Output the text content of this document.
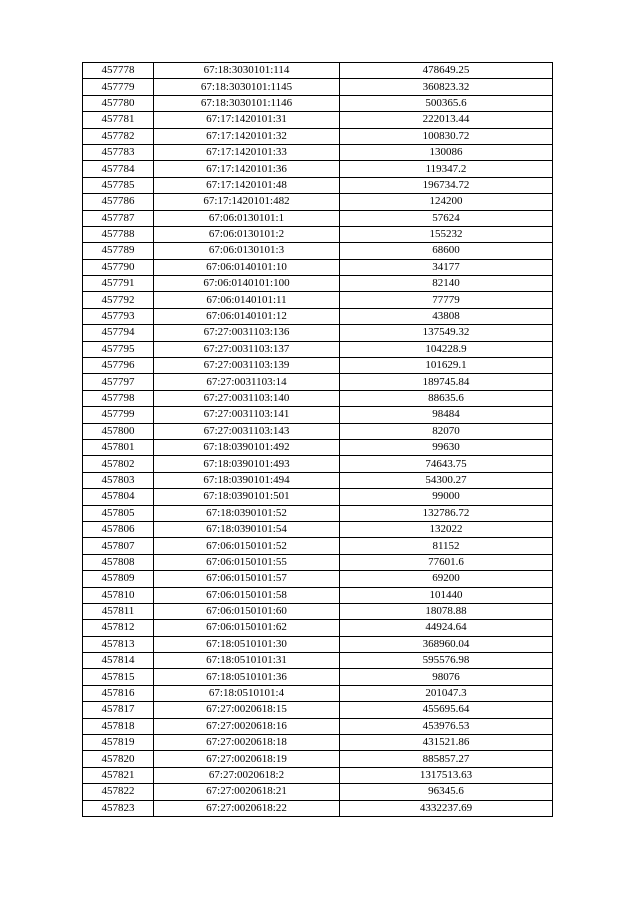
457778	67:18:3030101:114	478649.25
457779	67:18:3030101:1145	360823.32
457780	67:18:3030101:1146	500365.6
457781	67:17:1420101:31	222013.44
457782	67:17:1420101:32	100830.72
457783	67:17:1420101:33	130086
457784	67:17:1420101:36	119347.2
457785	67:17:1420101:48	196734.72
457786	67:17:1420101:482	124200
457787	67:06:0130101:1	57624
457788	67:06:0130101:2	155232
457789	67:06:0130101:3	68600
457790	67:06:0140101:10	34177
457791	67:06:0140101:100	82140
457792	67:06:0140101:11	77779
457793	67:06:0140101:12	43808
457794	67:27:0031103:136	137549.32
457795	67:27:0031103:137	104228.9
457796	67:27:0031103:139	101629.1
457797	67:27:0031103:14	189745.84
457798	67:27:0031103:140	88635.6
457799	67:27:0031103:141	98484
457800	67:27:0031103:143	82070
457801	67:18:0390101:492	99630
457802	67:18:0390101:493	74643.75
457803	67:18:0390101:494	54300.27
457804	67:18:0390101:501	99000
457805	67:18:0390101:52	132786.72
457806	67:18:0390101:54	132022
457807	67:06:0150101:52	81152
457808	67:06:0150101:55	77601.6
457809	67:06:0150101:57	69200
457810	67:06:0150101:58	101440
457811	67:06:0150101:60	18078.88
457812	67:06:0150101:62	44924.64
457813	67:18:0510101:30	368960.04
457814	67:18:0510101:31	595576.98
457815	67:18:0510101:36	98076
457816	67:18:0510101:4	201047.3
457817	67:27:0020618:15	455695.64
457818	67:27:0020618:16	453976.53
457819	67:27:0020618:18	431521.86
457820	67:27:0020618:19	885857.27
457821	67:27:0020618:2	1317513.63
457822	67:27:0020618:21	96345.6
457823	67:27:0020618:22	4332237.69
